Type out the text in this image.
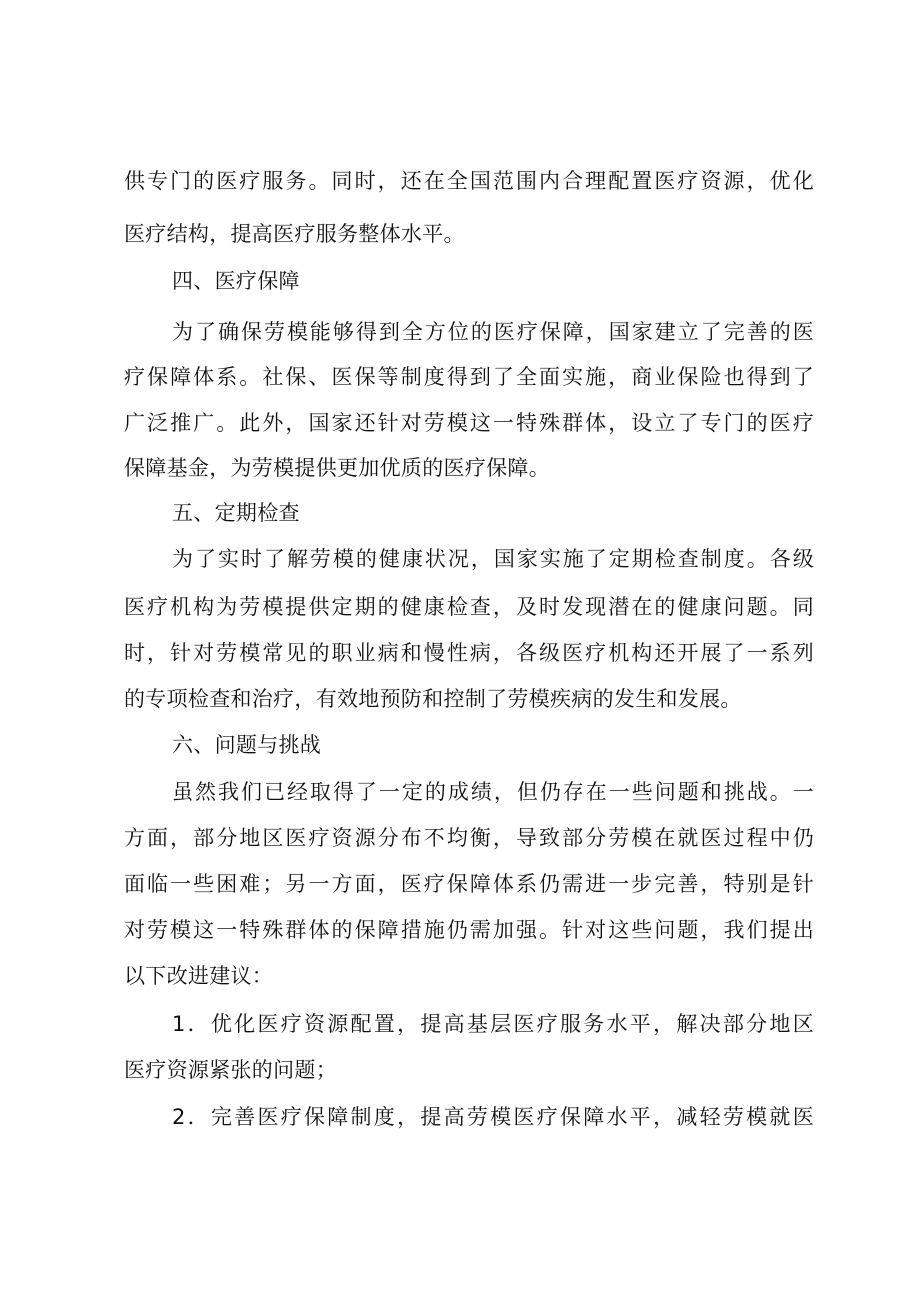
供专门的医疗服务。同时，还在全国范围内合理配置医疗资源，优化
医疗结构，提高医疗服务整体水平。
四、医疗保障
为了确保劳模能够得到全方位的医疗保障，国家建立了完善的医
疗保障体系。社保、医保等制度得到了全面实施，商业保险也得到了
广泛推广。此外，国家还针对劳模这一特殊群体，设立了专门的医疗
保障基金，为劳模提供更加优质的医疗保障。
五、定期检查
为了实时了解劳模的健康状况，国家实施了定期检查制度。各级
医疗机构为劳模提供定期的健康检查，及时发现潜在的健康问题。同
时，针对劳模常见的职业病和慢性病，各级医疗机构还开展了一系列
的专项检查和治疗，有效地预防和控制了劳模疾病的发生和发展。
六、问题与挑战
虽然我们已经取得了一定的成绩，但仍存在一些问题和挑战。一
方面，部分地区医疗资源分布不均衡，导致部分劳模在就医过程中仍
面临一些困难；另一方面，医疗保障体系仍需进一步完善，特别是针
对劳模这一特殊群体的保障措施仍需加强。针对这些问题，我们提出
以下改进建议：
1．优化医疗资源配置，提高基层医疗服务水平，解决部分地区
医疗资源紧张的问题；
2．完善医疗保障制度，提高劳模医疗保障水平，减轻劳模就医
